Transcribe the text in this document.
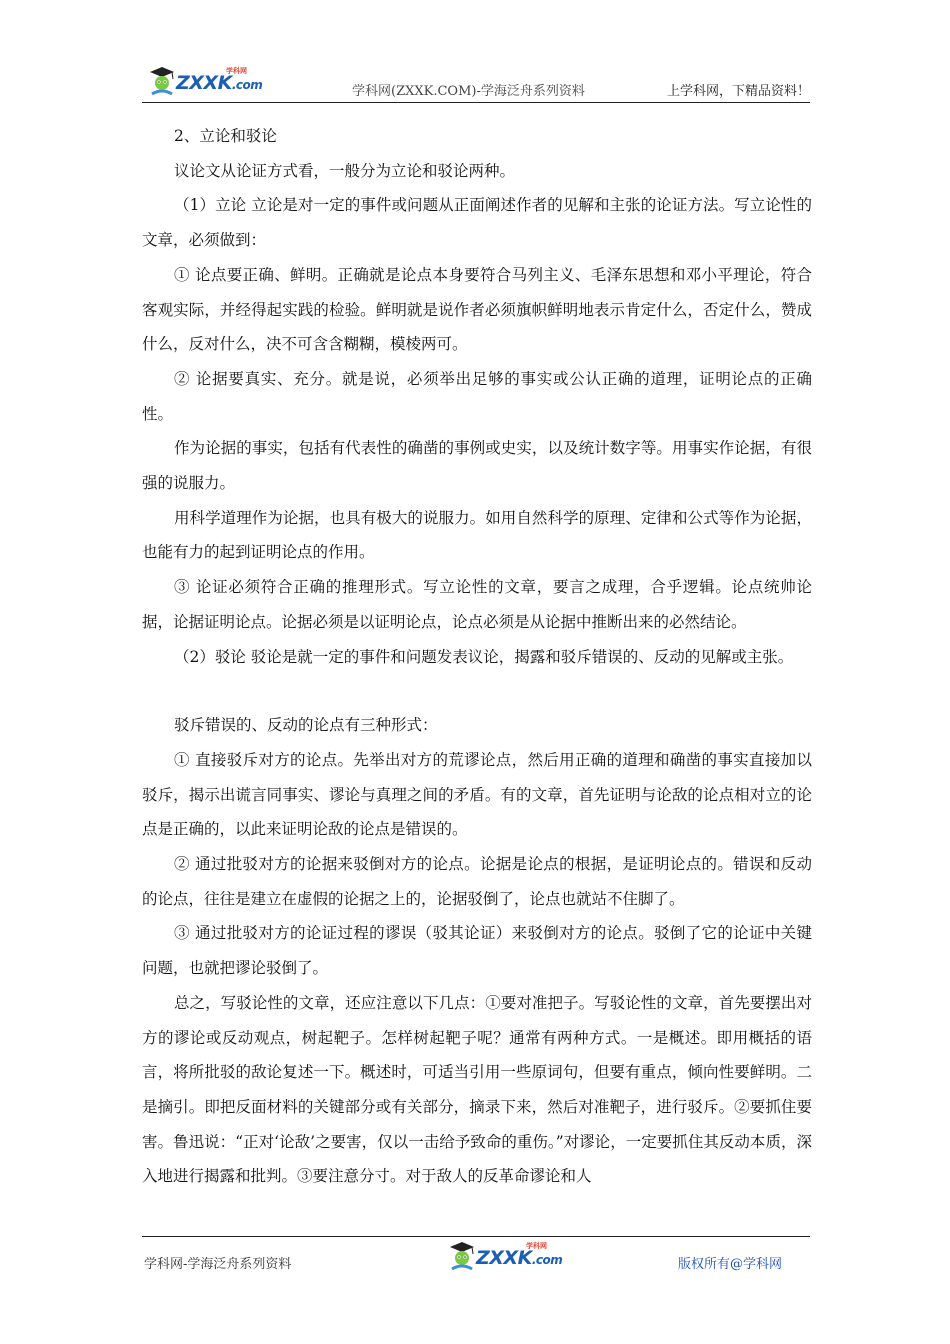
ZXXK.com
学科网
学科网(ZXXK.COM)-学海泛舟系列资料	上学科网，下精品资料！

2、立论和驳论

议论文从论证方式看，一般分为立论和驳论两种。

（1）立论 立论是对一定的事件或问题从正面阐述作者的见解和主张的论证方法。写立论性的文章，必须做到：

① 论点要正确、鲜明。正确就是论点本身要符合马列主义、毛泽东思想和邓小平理论，符合客观实际，并经得起实践的检验。鲜明就是说作者必须旗帜鲜明地表示肯定什么，否定什么，赞成什么，反对什么，决不可含含糊糊，模棱两可。

② 论据要真实、充分。就是说，必须举出足够的事实或公认正确的道理，证明论点的正确性。

作为论据的事实，包括有代表性的确凿的事例或史实，以及统计数字等。用事实作论据，有很强的说服力。

用科学道理作为论据，也具有极大的说服力。如用自然科学的原理、定律和公式等作为论据，也能有力的起到证明论点的作用。

③ 论证必须符合正确的推理形式。写立论性的文章，要言之成理，合乎逻辑。论点统帅论据，论据证明论点。论据必须是以证明论点，论点必须是从论据中推断出来的必然结论。

（2）驳论 驳论是就一定的事件和问题发表议论，揭露和驳斥错误的、反动的见解或主张。

驳斥错误的、反动的论点有三种形式：

① 直接驳斥对方的论点。先举出对方的荒谬论点，然后用正确的道理和确凿的事实直接加以驳斥，揭示出谎言同事实、谬论与真理之间的矛盾。有的文章，首先证明与论敌的论点相对立的论点是正确的，以此来证明论敌的论点是错误的。

② 通过批驳对方的论据来驳倒对方的论点。论据是论点的根据，是证明论点的。错误和反动的论点，往往是建立在虚假的论据之上的，论据驳倒了，论点也就站不住脚了。

③ 通过批驳对方的论证过程的谬误（驳其论证）来驳倒对方的论点。驳倒了它的论证中关键问题，也就把谬论驳倒了。

总之，写驳论性的文章，还应注意以下几点：①要对准把子。写驳论性的文章，首先要摆出对方的谬论或反动观点，树起靶子。怎样树起靶子呢？通常有两种方式。一是概述。即用概括的语言，将所批驳的敌论复述一下。概述时，可适当引用一些原词句，但要有重点，倾向性要鲜明。二是摘引。即把反面材料的关键部分或有关部分，摘录下来，然后对准靶子，进行驳斥。②要抓住要害。鲁迅说：“正对‘论敌’之要害，仅以一击给予致命的重伤。”对谬论，一定要抓住其反动本质，深入地进行揭露和批判。③要注意分寸。对于敌人的反革命谬论和人

学科网-学海泛舟系列资料	ZXXK.com
学科网
版权所有@学科网
